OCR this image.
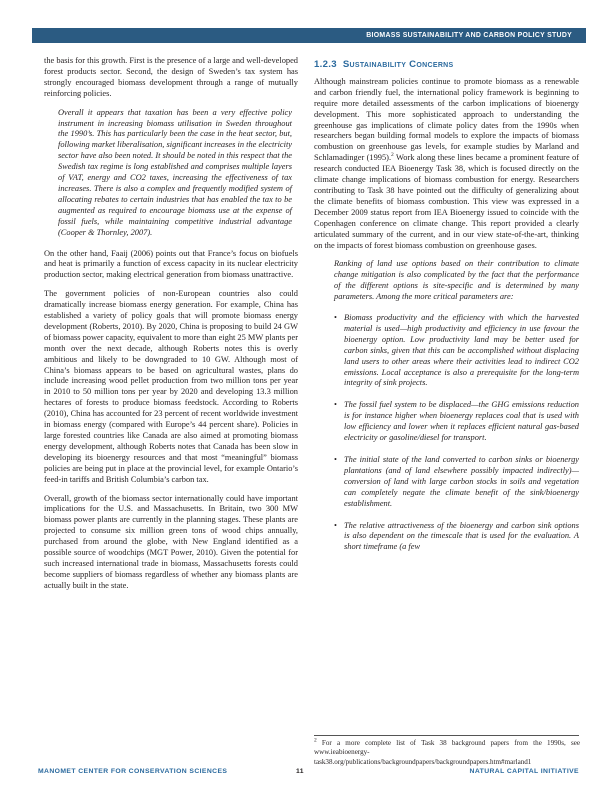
BIOMASS SUSTAINABILITY AND CARBON POLICY STUDY

the basis for this growth. First is the presence of a large and well-developed forest products sector. Second, the design of Sweden’s tax system has strongly encouraged biomass development through a range of mutually reinforcing policies.

Overall it appears that taxation has been a very effective policy instrument in increasing biomass utilisation in Sweden throughout the 1990’s. This has particularly been the case in the heat sector, but, following market liberalisation, significant increases in the electricity sector have also been noted. It should be noted in this respect that the Swedish tax regime is long established and comprises multiple layers of VAT, energy and CO2 taxes, increasing the effectiveness of tax increases. There is also a complex and frequently modified system of allocating rebates to certain industries that has enabled the tax to be augmented as required to encourage biomass use at the expense of fossil fuels, while maintaining competitive industrial advantage (Cooper & Thornley, 2007).

On the other hand, Faaij (2006) points out that France’s focus on biofuels and heat is primarily a function of excess capacity in its nuclear electricity production sector, making electrical generation from biomass unattractive.

The government policies of non-European countries also could dramatically increase biomass energy generation. For example, China has established a variety of policy goals that will promote biomass energy development (Roberts, 2010). By 2020, China is proposing to build 24 GW of biomass power capacity, equivalent to more than eight 25 MW plants per month over the next decade, although Roberts notes this is overly ambitious and likely to be downgraded to 10 GW. Although most of China’s biomass appears to be based on agricultural wastes, plans do include increasing wood pellet production from two million tons per year in 2010 to 50 million tons per year by 2020 and developing 13.3 million hectares of forests to produce biomass feedstock. According to Roberts (2010), China has accounted for 23 percent of recent worldwide investment in biomass energy (compared with Europe’s 44 percent share). Policies in large forested countries like Canada are also aimed at promoting biomass energy development, although Roberts notes that Canada has been slow in developing its bioenergy resources and that most “meaningful” biomass policies are being put in place at the provincial level, for example Ontario’s feed-in tariffs and British Columbia’s carbon tax.

Overall, growth of the biomass sector internationally could have important implications for the U.S. and Massachusetts. In Britain, two 300 MW biomass power plants are currently in the planning stages. These plants are projected to consume six million green tons of wood chips annually, purchased from around the globe, with New England identified as a possible source of woodchips (MGT Power, 2010). Given the potential for such increased international trade in biomass, Massachusetts forests could become suppliers of biomass regardless of whether any biomass plants are actually built in the state.

1.2.3 Sustainability Concerns

Although mainstream policies continue to promote biomass as a renewable and carbon friendly fuel, the international policy framework is beginning to require more detailed assessments of the carbon implications of bioenergy development. This more sophisticated approach to understanding the greenhouse gas implications of climate policy dates from the 1990s when researchers began building formal models to explore the impacts of biomass combustion on greenhouse gas levels, for example studies by Marland and Schlamadinger (1995).$^2$ Work along these lines became a prominent feature of research conducted IEA Bioenergy Task 38, which is focused directly on the climate change implications of biomass combustion for energy. Researchers contributing to Task 38 have pointed out the difficulty of generalizing about the climate benefits of biomass combustion. This view was expressed in a December 2009 status report from IEA Bioenergy issued to coincide with the Copenhagen conference on climate change. This report provided a clearly articulated summary of the current, and in our view state-of-the-art, thinking on the impacts of forest biomass combustion on greenhouse gases.

Ranking of land use options based on their contribution to climate change mitigation is also complicated by the fact that the performance of the different options is site-specific and is determined by many parameters. Among the more critical parameters are:
• Biomass productivity and the efficiency with which the harvested material is used—high productivity and efficiency in use favour the bioenergy option. Low productivity land may be better used for carbon sinks, given that this can be accomplished without displacing land users to other areas where their activities lead to indirect CO2 emissions. Local acceptance is also a prerequisite for the long-term integrity of sink projects.
• The fossil fuel system to be displaced—the GHG emissions reduction is for instance higher when bioenergy replaces coal that is used with low efficiency and lower when it replaces efficient natural gas-based electricity or gasoline/diesel for transport.
• The initial state of the land converted to carbon sinks or bioenergy plantations (and of land elsewhere possibly impacted indirectly)—conversion of land with large carbon stocks in soils and vegetation can completely negate the climate benefit of the sink/bioenergy establishment.
• The relative attractiveness of the bioenergy and carbon sink options is also dependent on the timescale that is used for the evaluation. A short timeframe (a few
$^2$ For a more complete list of Task 38 background papers from the 1990s, see www.ieabioenergy-task38.org/publications/backgroundpapers/backgroundpapers.htm#marland1
MANOMET CENTER FOR CONSERVATION SCIENCES	11	NATURAL CAPITAL INITIATIVE
